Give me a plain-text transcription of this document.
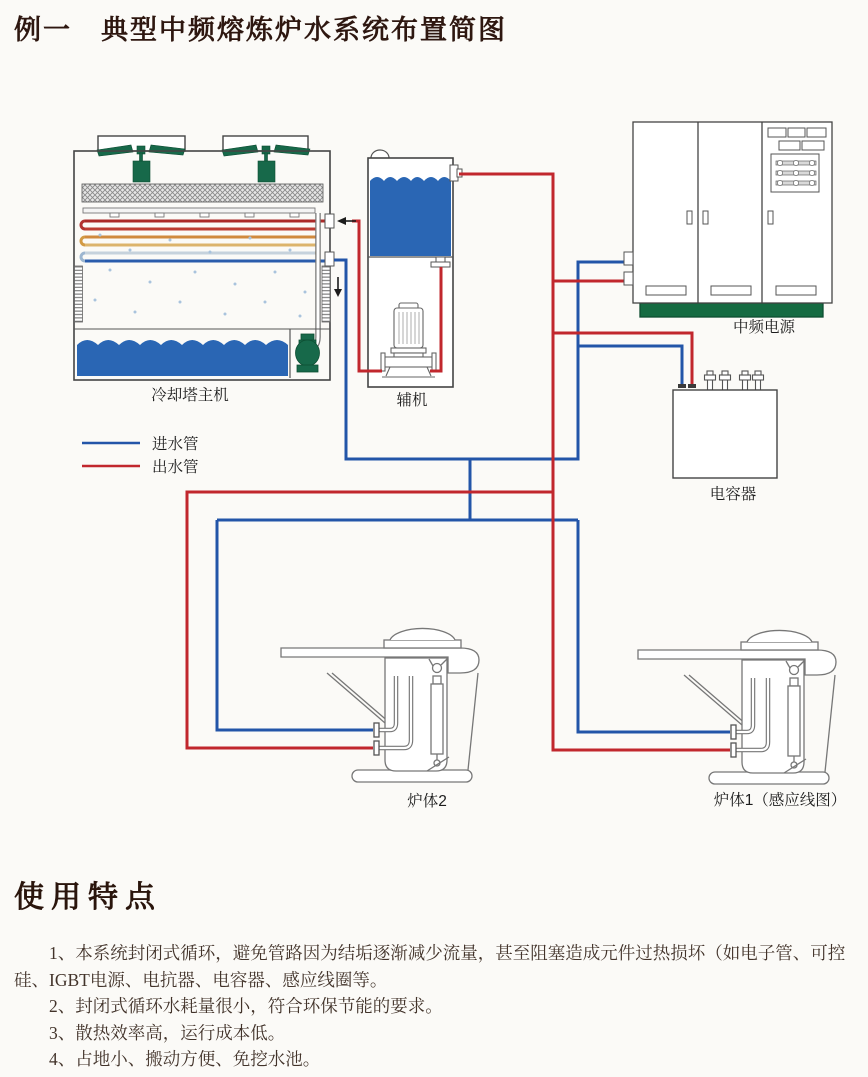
例一　典型中频熔炼炉水系统布置简图
进水管
出水管
冷却塔主机	辅机
中频电源
电容器
炉体2	炉体1（感应线图）
使用特点

1、本系统封闭式循环，避免管路因为结垢逐渐减少流量，甚至阻塞造成元件过热损坏（如电子管、可控硅、IGBT电源、电抗器、电容器、感应线圈等。

2、封闭式循环水耗量很小，符合环保节能的要求。

3、散热效率高，运行成本低。

4、占地小、搬动方便、免挖水池。
